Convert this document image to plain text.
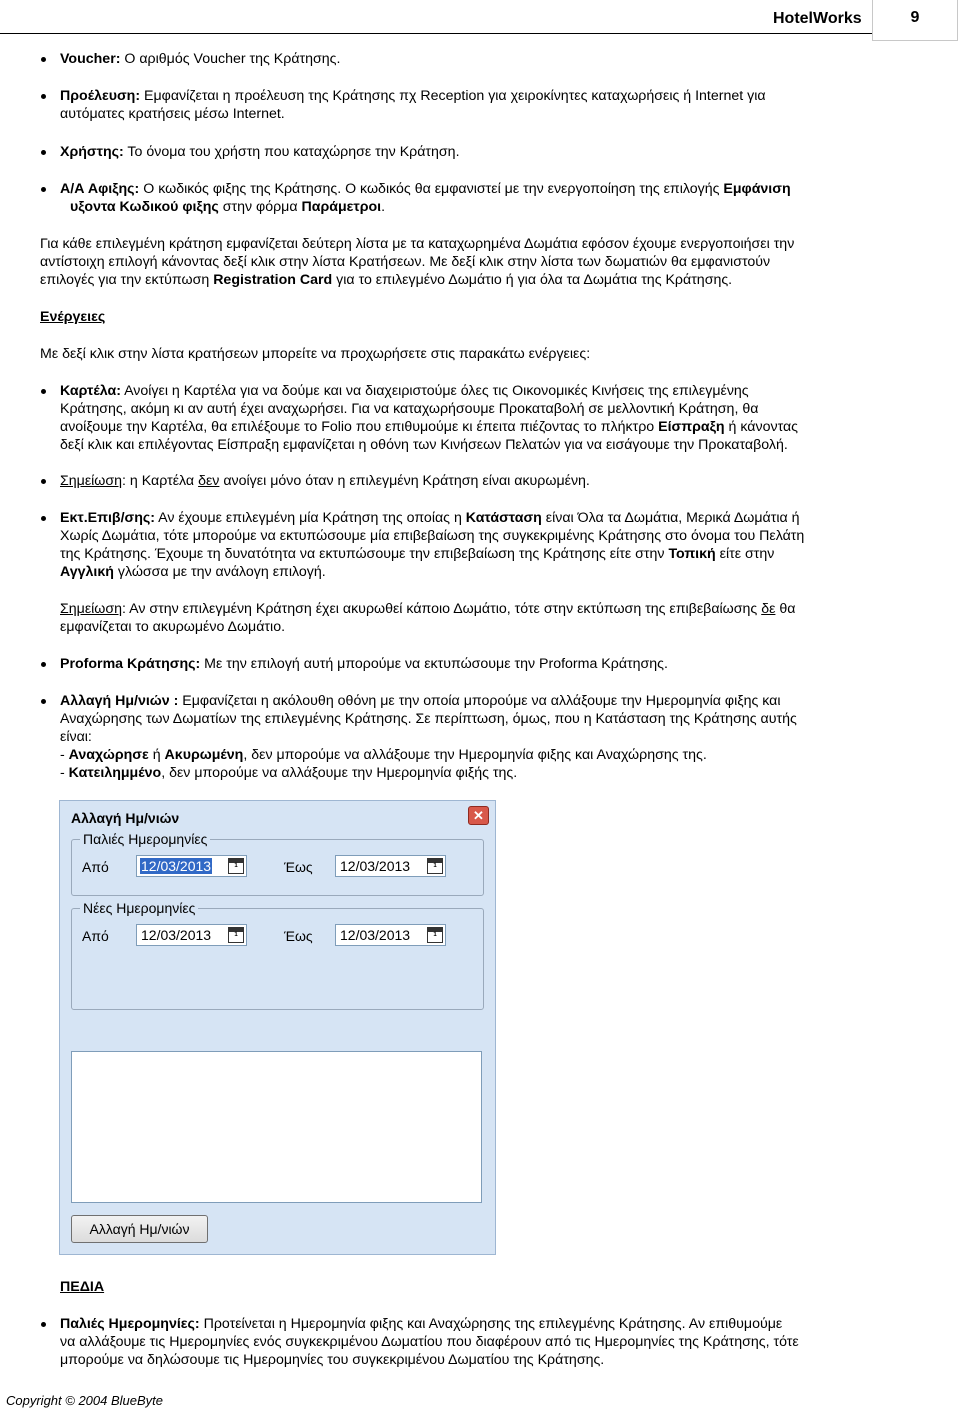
HotelWorks	9
Voucher: Ο αριθμός Voucher της Κράτησης.
Προέλευση: Εμφανίζεται η προέλευση της Κράτησης πχ Reception για χειροκίνητες καταχωρήσεις ή Internet για
αυτόματες κρατήσεις μέσω Internet.
Χρήστης: Το όνομα του χρήστη που καταχώρησε την Κράτηση.
Α/Α Αφιξης: Ο κωδικός φιξης της Κράτησης. Ο κωδικός θα εμφανιστεί με την ενεργοποίηση της επιλογής Εμφάνιση
υξοντα Κωδικού φιξης στην φόρμα Παράμετροι.
Για κάθε επιλεγμένη κράτηση εμφανίζεται δεύτερη λίστα με τα καταχωρημένα Δωμάτια εφόσον έχουμε ενεργοποιήσει την
αντίστοιχη επιλογή κάνοντας δεξί κλικ στην λίστα Κρατήσεων. Με δεξί κλικ στην λίστα των δωματιών θα εμφανιστούν
επιλογές για την εκτύπωση Registration Card για το επιλεγμένο Δωμάτιο ή για όλα τα Δωμάτια της Κράτησης.
Ενέργειες
Με δεξί κλικ στην λίστα κρατήσεων μπορείτε να προχωρήσετε στις παρακάτω ενέργειες:
Καρτέλα: Ανοίγει η Καρτέλα για να δούμε και να διαχειριστούμε όλες τις Οικονομικές Κινήσεις της επιλεγμένης
Κράτησης, ακόμη κι αν αυτή έχει αναχωρήσει. Για να καταχωρήσουμε Προκαταβολή σε μελλοντική Κράτηση, θα
ανοίξουμε την Καρτέλα, θα επιλέξουμε το Folio που επιθυμούμε κι έπειτα πιέζοντας το πλήκτρο Είσπραξη ή κάνοντας
δεξί κλικ και επιλέγοντας Είσπραξη εμφανίζεται η οθόνη των Κινήσεων Πελατών για να εισάγουμε την Προκαταβολή.
Σημείωση: η Καρτέλα δεν ανοίγει μόνο όταν η επιλεγμένη Κράτηση είναι ακυρωμένη.
Εκτ.Επιβ/σης: Αν έχουμε επιλεγμένη μία Κράτηση της οποίας η Κατάσταση είναι Όλα τα Δωμάτια, Μερικά Δωμάτια ή
Χωρίς Δωμάτια, τότε μπορούμε να εκτυπώσουμε μία επιβεβαίωση της συγκεκριμένης Κράτησης στο όνομα του Πελάτη
της Κράτησης. Έχουμε τη δυνατότητα να εκτυπώσουμε την επιβεβαίωση της Κράτησης είτε στην Τοπική είτε στην
Αγγλική γλώσσα με την ανάλογη επιλογή.
Σημείωση: Αν στην επιλεγμένη Κράτηση έχει ακυρωθεί κάποιο Δωμάτιο, τότε στην εκτύπωση της επιβεβαίωσης δε θα
εμφανίζεται το ακυρωμένο Δωμάτιο.
Proforma Κράτησης: Με την επιλογή αυτή μπορούμε να εκτυπώσουμε την Proforma Κράτησης.
Αλλαγή Ημ/νιών : Εμφανίζεται η ακόλουθη οθόνη με την οποία μπορούμε να αλλάξουμε την Ημερομηνία φιξης και
Αναχώρησης των Δωματίων της επιλεγμένης Κράτησης. Σε περίπτωση, όμως, που η Κατάσταση της Κράτησης αυτής
είναι:
- Αναχώρησε ή Ακυρωμένη, δεν μπορούμε να αλλάξουμε την Ημερομηνία φιξης και Αναχώρησης της.
- Κατειλημμένο, δεν μπορούμε να αλλάξουμε την Ημερομηνία φιξής της.
Αλλαγή Ημ/νιών	✕
Παλιές Ημερομηνίες
Από 12/03/2013	1	Έως 12/03/2013	1
Νέες Ημερομηνίες
Από 12/03/2013	1	Έως 12/03/2013	1
Αλλαγή Ημ/νιών
ΠΕΔΙΑ
Παλιές Ημερομηνίες: Προτείνεται η Ημερομηνία φιξης και Αναχώρησης της επιλεγμένης Κράτησης. Αν επιθυμούμε
να αλλάξουμε τις Ημερομηνίες ενός συγκεκριμένου Δωματίου που διαφέρουν από τις Ημερομηνίες της Κράτησης, τότε
μπορούμε να δηλώσουμε τις Ημερομηνίες του συγκεκριμένου Δωματίου της Κράτησης.
Copyright © 2004 BlueByte
